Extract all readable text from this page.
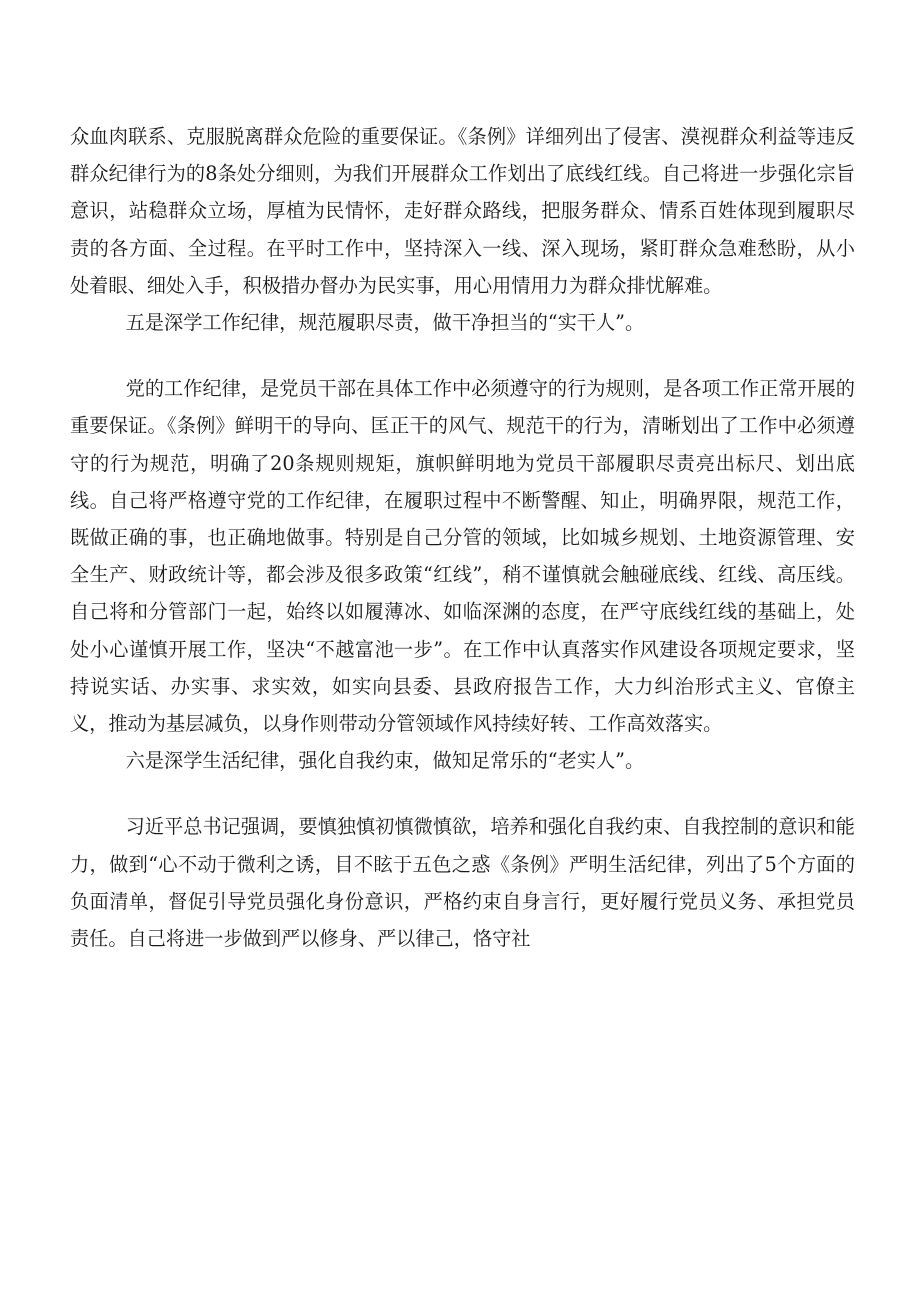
众血肉联系、克服脱离群众危险的重要保证。《条例》详细列出了侵害、漠视群众利益等违反群众纪律行为的8条处分细则，为我们开展群众工作划出了底线红线。自己将进一步强化宗旨意识，站稳群众立场，厚植为民情怀，走好群众路线，把服务群众、情系百姓体现到履职尽责的各方面、全过程。在平时工作中，坚持深入一线、深入现场，紧盯群众急难愁盼，从小处着眼、细处入手，积极措办督办为民实事，用心用情用力为群众排忧解难。

五是深学工作纪律，规范履职尽责，做干净担当的“实干人”。

党的工作纪律，是党员干部在具体工作中必须遵守的行为规则，是各项工作正常开展的重要保证。《条例》鲜明干的导向、匡正干的风气、规范干的行为，清晰划出了工作中必须遵守的行为规范，明确了20条规则规矩，旗帜鲜明地为党员干部履职尽责亮出标尺、划出底线。自己将严格遵守党的工作纪律，在履职过程中不断警醒、知止，明确界限，规范工作，既做正确的事，也正确地做事。特别是自己分管的领域，比如城乡规划、土地资源管理、安全生产、财政统计等，都会涉及很多政策“红线”，稍不谨慎就会触碰底线、红线、高压线。自己将和分管部门一起，始终以如履薄冰、如临深渊的态度，在严守底线红线的基础上，处处小心谨慎开展工作，坚决“不越富池一步”。在工作中认真落实作风建设各项规定要求，坚持说实话、办实事、求实效，如实向县委、县政府报告工作，大力纠治形式主义、官僚主义，推动为基层减负，以身作则带动分管领域作风持续好转、工作高效落实。

六是深学生活纪律，强化自我约束，做知足常乐的“老实人”。

习近平总书记强调，要慎独慎初慎微慎欲，培养和强化自我约束、自我控制的意识和能力，做到“心不动于微利之诱，目不眩于五色之惑《条例》严明生活纪律，列出了5个方面的负面清单，督促引导党员强化身份意识，严格约束自身言行，更好履行党员义务、承担党员责任。自己将进一步做到严以修身、严以律己，恪守社
